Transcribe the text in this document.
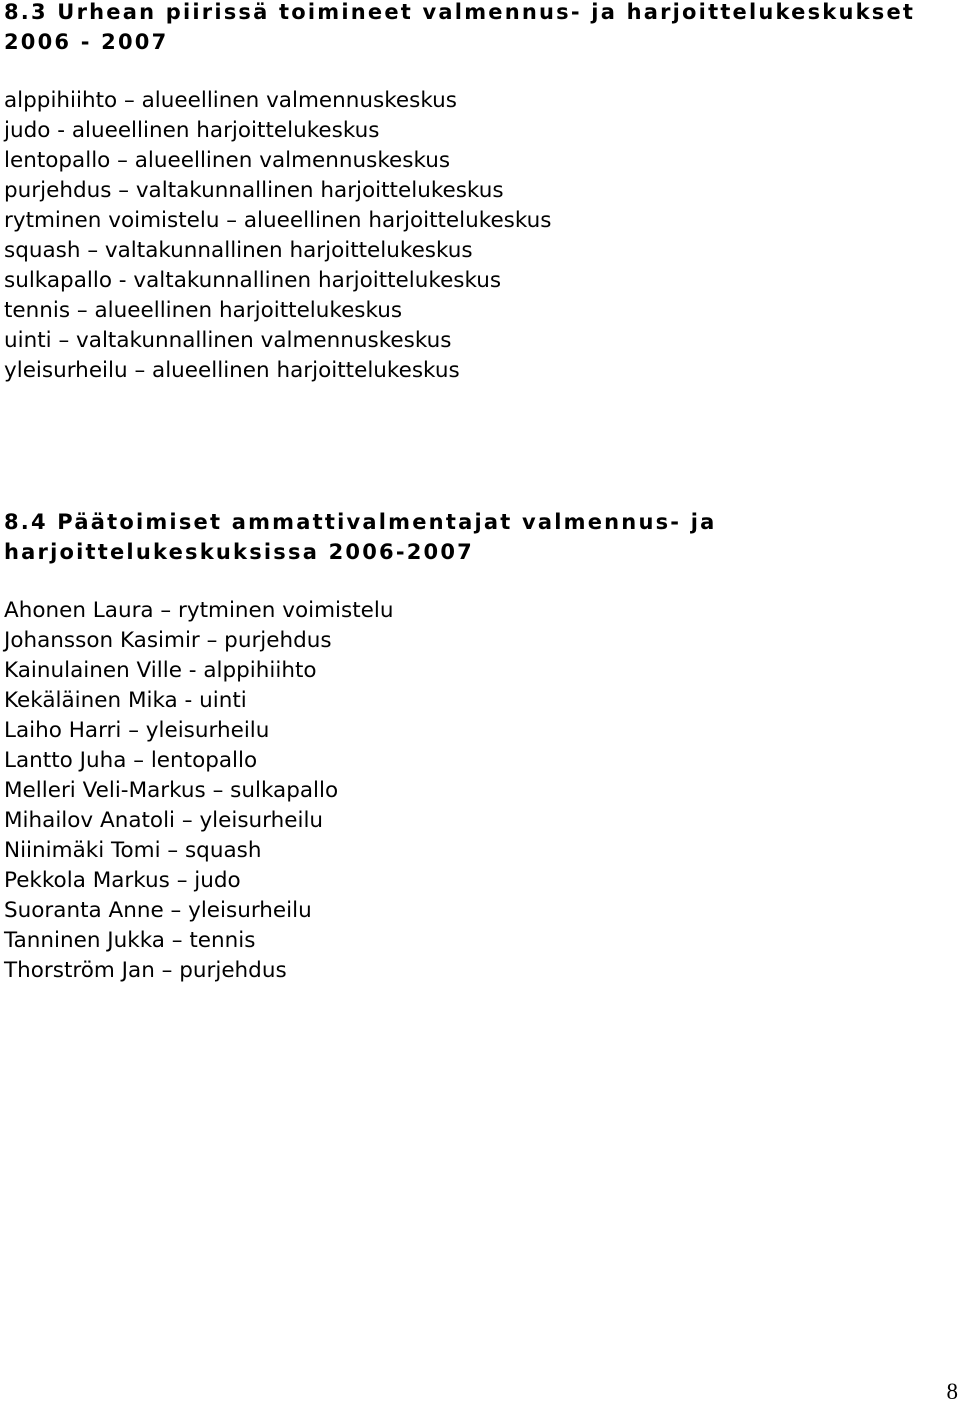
8.3 Urhean piirissä toimineet valmennus- ja harjoittelukeskukset
2006 - 2007
alppihiihto – alueellinen valmennuskeskus
judo - alueellinen harjoittelukeskus
lentopallo – alueellinen valmennuskeskus
purjehdus – valtakunnallinen harjoittelukeskus
rytminen voimistelu – alueellinen harjoittelukeskus
squash – valtakunnallinen harjoittelukeskus
sulkapallo - valtakunnallinen harjoittelukeskus
tennis – alueellinen harjoittelukeskus
uinti – valtakunnallinen valmennuskeskus
yleisurheilu – alueellinen harjoittelukeskus
8.4 Päätoimiset ammattivalmentajat valmennus- ja
harjoittelukeskuksissa 2006-2007
Ahonen Laura – rytminen voimistelu
Johansson Kasimir – purjehdus
Kainulainen Ville - alppihiihto
Kekäläinen Mika - uinti
Laiho Harri – yleisurheilu
Lantto Juha – lentopallo
Melleri Veli-Markus – sulkapallo
Mihailov Anatoli – yleisurheilu
Niinimäki Tomi – squash
Pekkola Markus – judo
Suoranta Anne – yleisurheilu
Tanninen Jukka – tennis
Thorström Jan – purjehdus
8
